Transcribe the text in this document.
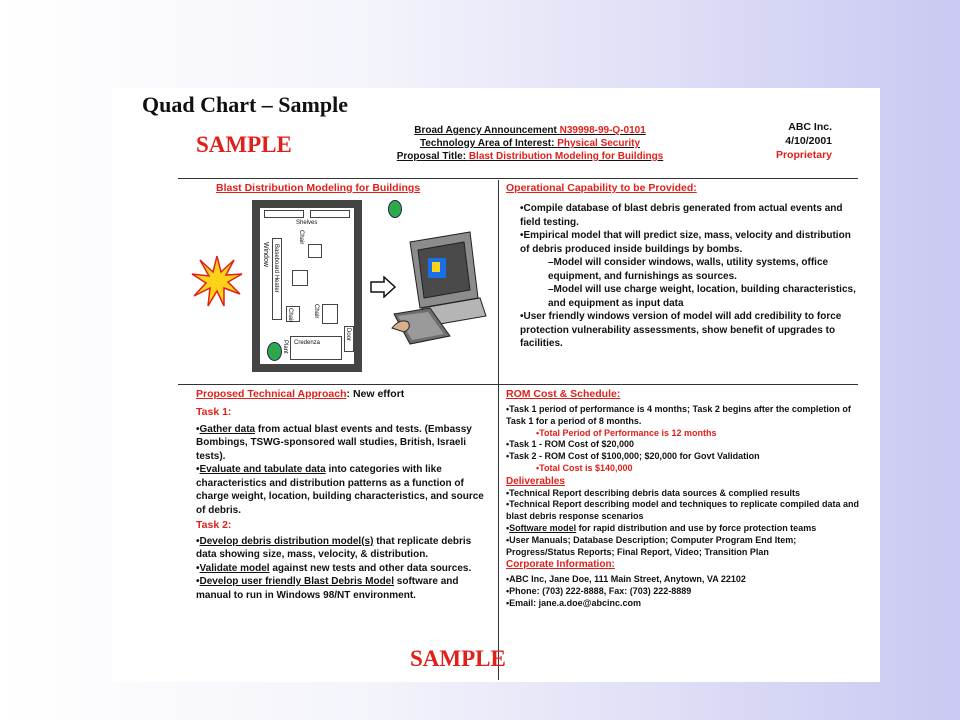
Quad Chart – Sample
SAMPLE
Broad Agency Announcement N39998-99-Q-0101
Technology Area of Interest: Physical Security
Proposal Title: Blast Distribution Modeling for Buildings
ABC Inc.
4/10/2001
Proprietary
Blast Distribution Modeling for Buildings
Shelves
Chair
Window Baseboard Heater
Chair	Chair
Credenza
Plant
Door
Operational Capability to be Provided:
•Compile database of blast debris generated from actual events and field testing.
•Empirical model that will predict size, mass, velocity and distribution of debris produced inside buildings by bombs.
–Model will consider windows, walls, utility systems, office equipment, and furnishings as sources.
–Model will use charge weight, location, building characteristics, and equipment as input data
•User friendly windows version of model will add credibility to force protection vulnerability assessments, show benefit of upgrades to facilities.
Proposed Technical Approach: New effort
Task 1:
•Gather data from actual blast events and tests. (Embassy Bombings, TSWG-sponsored wall studies, British, Israeli tests).
•Evaluate and tabulate data into categories with like characteristics and distribution patterns as a function of charge weight, location, building characteristics, and source of debris.
Task 2:
•Develop debris distribution model(s) that replicate debris data showing size, mass, velocity, & distribution.
•Validate model against new tests and other data sources.
•Develop user friendly Blast Debris Model software and manual to run in Windows 98/NT environment.
SAMPLE
ROM Cost & Schedule:
•Task 1 period of performance is 4 months; Task 2 begins after the completion of Task 1 for a period of 8 months.
•Total Period of Performance is 12 months
•Task 1 - ROM Cost of $20,000
•Task 2 - ROM Cost of $100,000; $20,000 for Govt Validation
•Total Cost is $140,000
Deliverables
•Technical Report describing debris data sources & complied results
•Technical Report describing model and techniques to replicate compiled data and blast debris response scenarios
•Software model for rapid distribution and use by force protection teams
•User Manuals; Database Description; Computer Program End Item; Progress/Status Reports; Final Report, Video; Transition Plan
Corporate Information:
•ABC Inc, Jane Doe, 111 Main Street, Anytown, VA 22102
•Phone: (703) 222-8888, Fax: (703) 222-8889
•Email: jane.a.doe@abcinc.com
